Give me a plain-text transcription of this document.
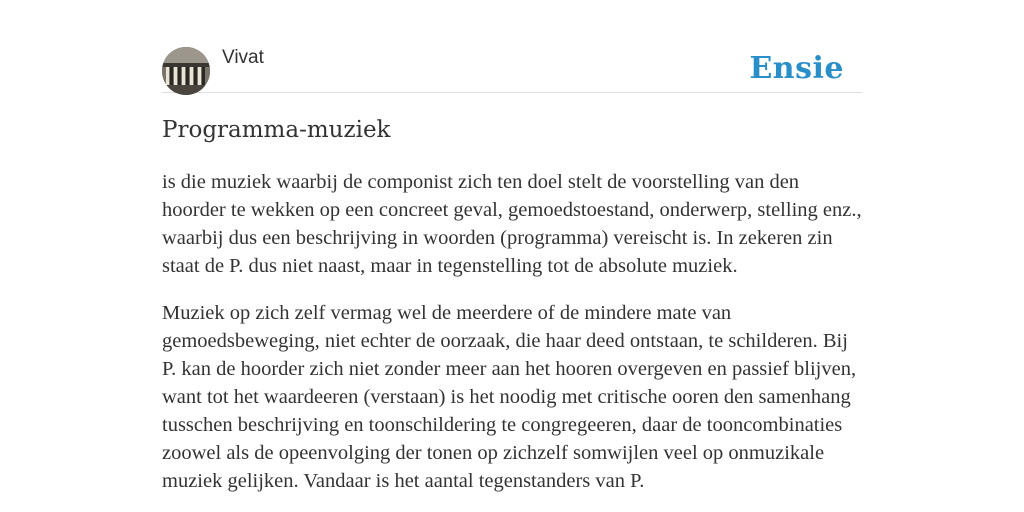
Vivat	Ensie
Programma-muziek

is die muziek waarbij de componist zich ten doel stelt de voorstelling van den hoorder te wekken op een concreet geval, gemoedstoestand, onderwerp, stelling enz., waarbij dus een beschrijving in woorden (programma) vereischt is. In zekeren zin staat de P. dus niet naast, maar in tegenstelling tot de absolute muziek.

Muziek op zich zelf vermag wel de meerdere of de mindere mate van gemoedsbeweging, niet echter de oorzaak, die haar deed ontstaan, te schilderen. Bij P. kan de hoorder zich niet zonder meer aan het hooren overgeven en passief blijven, want tot het waardeeren (verstaan) is het noodig met critische ooren den samenhang tusschen beschrijving en toonschildering te congregeeren, daar de tooncombinaties zoowel als de opeenvolging der tonen op zichzelf somwijlen veel op onmuzikale muziek gelijken. Vandaar is het aantal tegenstanders van P.
